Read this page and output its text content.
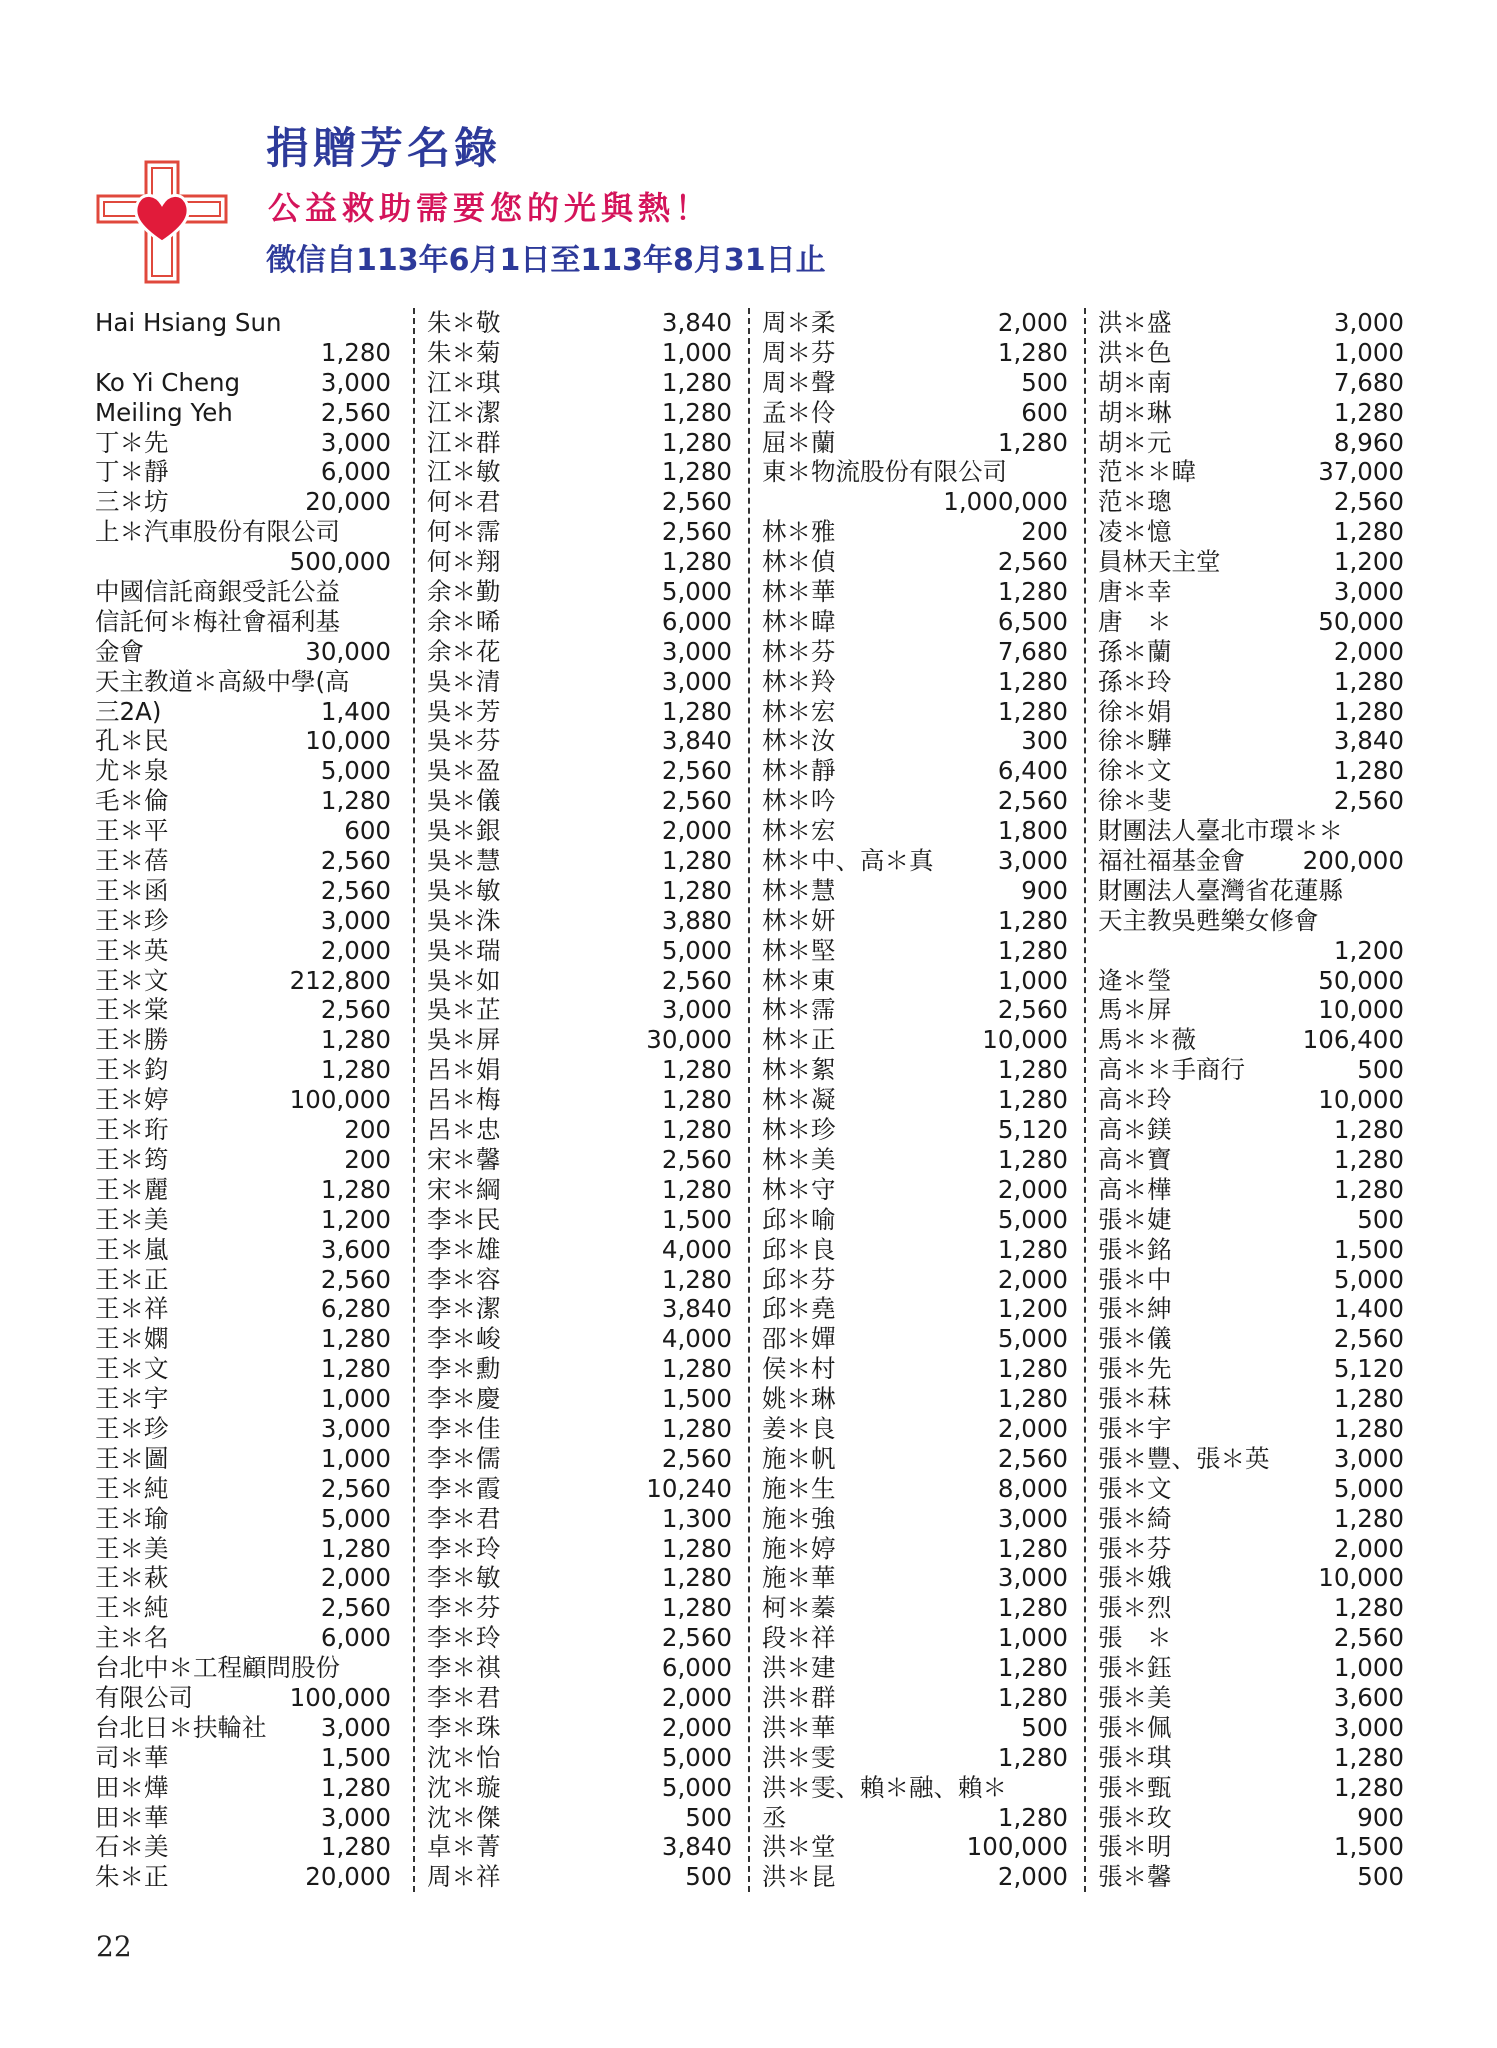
捐贈芳名錄
公益救助需要您的光與熱！
徵信自113年6月1日至113年8月31日止
Hai Hsiang Sun
1,280
Ko Yi Cheng	3,000
Meiling Yeh	2,560
丁＊先	3,000
丁＊靜	6,000
三＊坊	20,000
上＊汽車股份有限公司
500,000
中國信託商銀受託公益
信託何＊梅社會福利基
金會	30,000
天主教道＊高級中學(高
三2A)	1,400
孔＊民	10,000
尤＊泉	5,000
毛＊倫	1,280
王＊平	600
王＊蓓	2,560
王＊函	2,560
王＊珍	3,000
王＊英	2,000
王＊文	212,800
王＊棠	2,560
王＊勝	1,280
王＊鈞	1,280
王＊婷	100,000
王＊珩	200
王＊筠	200
王＊麗	1,280
王＊美	1,200
王＊嵐	3,600
王＊正	2,560
王＊祥	6,280
王＊嫻	1,280
王＊文	1,280
王＊宇	1,000
王＊珍	3,000
王＊圖	1,000
王＊純	2,560
王＊瑜	5,000
王＊美	1,280
王＊萩	2,000
王＊純	2,560
主＊名	6,000
台北中＊工程顧問股份
有限公司	100,000
台北日＊扶輪社 3,000
司＊華	1,500
田＊燁	1,280
田＊華	3,000
石＊美	1,280
朱＊正	20,000
朱＊敬	3,840
朱＊菊	1,000
江＊琪	1,280
江＊潔	1,280
江＊群	1,280
江＊敏	1,280
何＊君	2,560
何＊霈	2,560
何＊翔	1,280
余＊勤	5,000
余＊晞	6,000
余＊花	3,000
吳＊清	3,000
吳＊芳	1,280
吳＊芬	3,840
吳＊盈	2,560
吳＊儀	2,560
吳＊銀	2,000
吳＊慧	1,280
吳＊敏	1,280
吳＊洙	3,880
吳＊瑞	5,000
吳＊如	2,560
吳＊芷	3,000
吳＊屏	30,000
呂＊娟	1,280
呂＊梅	1,280
呂＊忠	1,280
宋＊馨	2,560
宋＊綱	1,280
李＊民	1,500
李＊雄	4,000
李＊容	1,280
李＊潔	3,840
李＊峻	4,000
李＊勳	1,280
李＊慶	1,500
李＊佳	1,280
李＊儒	2,560
李＊霞	10,240
李＊君	1,300
李＊玲	1,280
李＊敏	1,280
李＊芬	1,280
李＊玲	2,560
李＊祺	6,000
李＊君	2,000
李＊珠	2,000
沈＊怡	5,000
沈＊璇	5,000
沈＊傑	500
卓＊菁	3,840
周＊祥	500
周＊柔	2,000
周＊芬	1,280
周＊聲	500
孟＊伶	600
屈＊蘭	1,280
東＊物流股份有限公司
1,000,000
林＊雅	200
林＊偵	2,560
林＊華	1,280
林＊暐	6,500
林＊芬	7,680
林＊羚	1,280
林＊宏	1,280
林＊汝	300
林＊靜	6,400
林＊吟	2,560
林＊宏	1,800
林＊中、高＊真	3,000
林＊慧	900
林＊妍	1,280
林＊堅	1,280
林＊東	1,000
林＊霈	2,560
林＊正	10,000
林＊絮	1,280
林＊凝	1,280
林＊珍	5,120
林＊美	1,280
林＊守	2,000
邱＊喻	5,000
邱＊良	1,280
邱＊芬	2,000
邱＊堯	1,200
邵＊嬋	5,000
侯＊村	1,280
姚＊琳	1,280
姜＊良	2,000
施＊帆	2,560
施＊生	8,000
施＊強	3,000
施＊婷	1,280
施＊華	3,000
柯＊蓁	1,280
段＊祥	1,000
洪＊建	1,280
洪＊群	1,280
洪＊華	500
洪＊雯	1,280
洪＊雯、賴＊融、賴＊
丞	1,280
洪＊堂	100,000
洪＊昆	2,000
洪＊盛	3,000
洪＊色	1,000
胡＊南	7,680
胡＊琳	1,280
胡＊元	8,960
范＊＊暐	37,000
范＊璁	2,560
凌＊憶	1,280
員林天主堂	1,200
唐＊幸	3,000
唐　＊	50,000
孫＊蘭	2,000
孫＊玲	1,280
徐＊娟	1,280
徐＊驊	3,840
徐＊文	1,280
徐＊斐	2,560
財團法人臺北市環＊＊
福社福基金會 200,000
財團法人臺灣省花蓮縣
天主教吳甦樂女修會
1,200
逄＊瑩	50,000
馬＊屏	10,000
馬＊＊薇	106,400
高＊＊手商行	500
高＊玲	10,000
高＊鎂	1,280
高＊寶	1,280
高＊樺	1,280
張＊婕	500
張＊銘	1,500
張＊中	5,000
張＊紳	1,400
張＊儀	2,560
張＊先	5,120
張＊菻	1,280
張＊宇	1,280
張＊豐、張＊英	3,000
張＊文	5,000
張＊綺	1,280
張＊芬	2,000
張＊娥	10,000
張＊烈	1,280
張　＊	2,560
張＊鈺	1,000
張＊美	3,600
張＊佩	3,000
張＊琪	1,280
張＊甄	1,280
張＊玫	900
張＊明	1,500
張＊馨	500
22
